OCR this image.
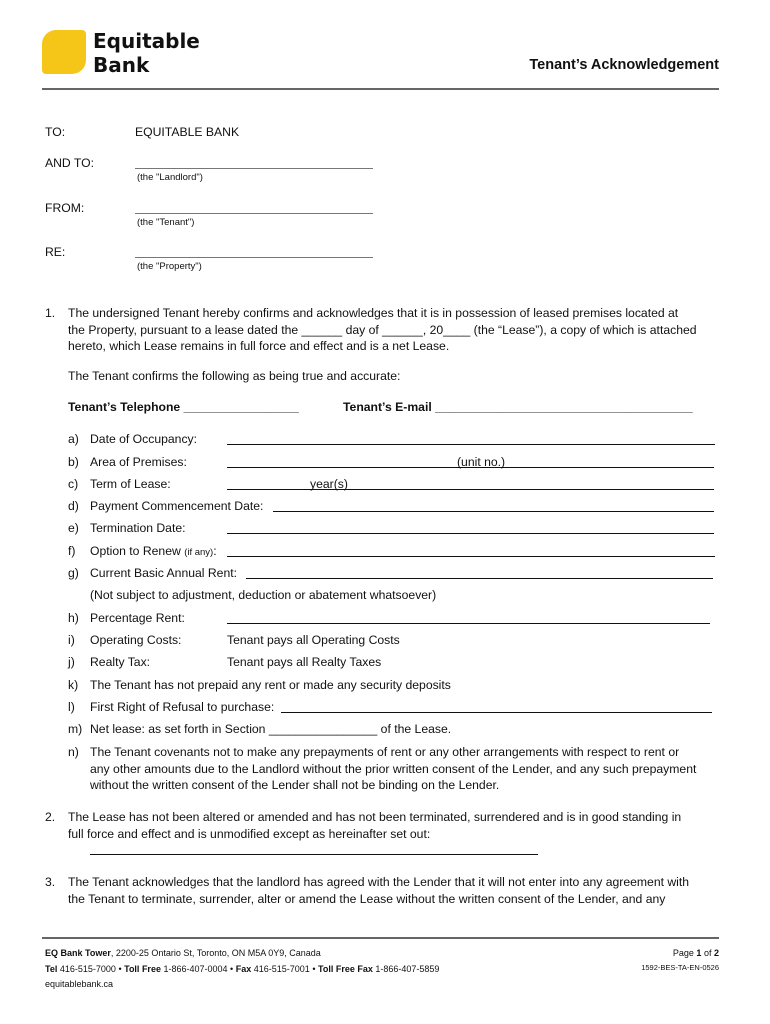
Equitable
Bank	Tenant’s Acknowledgement
TO:	EQUITABLE BANK
AND TO:
(the "Landlord")
FROM:
(the "Tenant")
RE:
(the "Property")
1. The undersigned Tenant hereby confirms and acknowledges that it is in possession of leased premises located at
the Property, pursuant to a lease dated the ______ day of ______, 20____ (the “Lease”), a copy of which is attached
hereto, which Lease remains in full force and effect and is a net Lease.
The Tenant confirms the following as being true and accurate:
Tenant’s Telephone _________________	Tenant’s E-mail ______________________________________
a) Date of Occupancy:
b) Area of Premises:	(unit no.)
c) Term of Lease:	year(s)
d) Payment Commencement Date:
e) Termination Date:
f) Option to Renew (if any):
g) Current Basic Annual Rent:
(Not subject to adjustment, deduction or abatement whatsoever)
h) Percentage Rent:
i) Operating Costs:	Tenant pays all Operating Costs
j) Realty Tax:	Tenant pays all Realty Taxes
k) The Tenant has not prepaid any rent or made any security deposits
l) First Right of Refusal to purchase:
m) Net lease: as set forth in Section ________________ of the Lease.
n) The Tenant covenants not to make any prepayments of rent or any other arrangements with respect to rent or
any other amounts due to the Landlord without the prior written consent of the Lender, and any such prepayment
without the written consent of the Lender shall not be binding on the Lender.
2. The Lease has not been altered or amended and has not been terminated, surrendered and is in good standing in
full force and effect and is unmodified except as hereinafter set out:
3. The Tenant acknowledges that the landlord has agreed with the Lender that it will not enter into any agreement with
the Tenant to terminate, surrender, alter or amend the Lease without the written consent of the Lender, and any
EQ Bank Tower, 2200-25 Ontario St, Toronto, ON M5A 0Y9, Canada
Tel 416-515-7000 • Toll Free 1-866-407-0004 • Fax 416-515-7001 • Toll Free Fax 1-866-407-5859
equitablebank.ca
Page 1 of 2
1592-BES-TA-EN-0526
